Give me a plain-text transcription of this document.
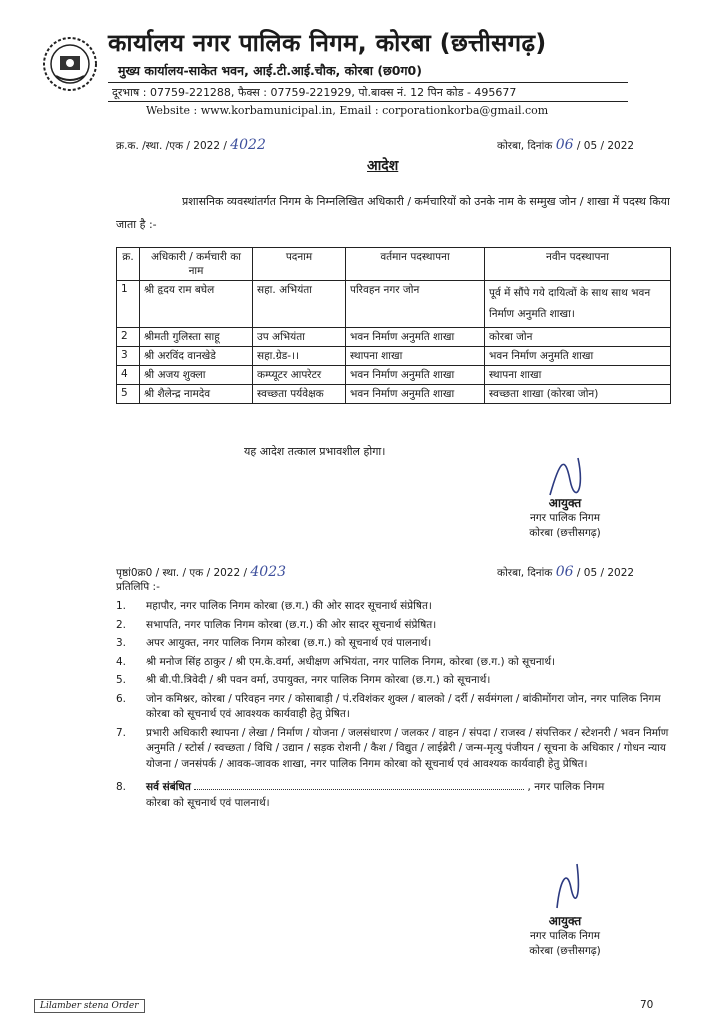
कार्यालय नगर पालिक निगम, कोरबा (छत्तीसगढ़)
मुख्य कार्यालय-साकेत भवन, आई.टी.आई.चौक, कोरबा (छ0ग0)
दूरभाष : 07759-221288, फैक्स : 07759-221929, पो.बाक्स नं. 12 पिन कोड - 495677
Website : www.korbamunicipal.in, Email : corporationkorba@gmail.com
क्र.क. /स्था. /एक / 2022 / 4022	कोरबा, दिनांक 06 / 05 / 2022
आदेश
प्रशासनिक व्यवस्थांतर्गत निगम के निम्नलिखित अधिकारी / कर्मचारियों को उनके नाम के सम्मुख जोन / शाखा में पदस्थ किया जाता है :-
क्र.	अधिकारी / कर्मचारी का नाम	पदनाम	वर्तमान पदस्थापना	नवीन पदस्थापना
1	श्री हृदय राम बघेल	सहा. अभियंता	परिवहन नगर जोन	पूर्व में सौंपे गये दायित्वों के साथ साथ भवन निर्माण अनुमति शाखा।
2	श्रीमती गुलिस्ता साहू	उप अभियंता	भवन निर्माण अनुमति शाखा	कोरबा जोन
3	श्री अरविंद वानखेडे	सहा.ग्रेड-।।	स्थापना शाखा	भवन निर्माण अनुमति शाखा
4	श्री अजय शुक्ला	कम्प्यूटर आपरेटर	भवन निर्माण अनुमति शाखा	स्थापना शाखा
5	श्री शैलेन्द्र नामदेव	स्वच्छता पर्यवेक्षक	भवन निर्माण अनुमति शाखा	स्वच्छता शाखा (कोरबा जोन)
यह आदेश तत्काल प्रभावशील होगा।
आयुक्त
नगर पालिक निगम
कोरबा (छत्तीसगढ़)
पृष्ठां0क्र0 / स्था. / एक / 2022 / 4023	कोरबा, दिनांक 06 / 05 / 2022
प्रतिलिपि :-
1.	महापौर, नगर पालिक निगम कोरबा (छ.ग.) की ओर सादर सूचनार्थ संप्रेषित।
2.	सभापति, नगर पालिक निगम कोरबा (छ.ग.) की ओर सादर सूचनार्थ संप्रेषित।
3.	अपर आयुक्त, नगर पालिक निगम कोरबा (छ.ग.) को सूचनार्थ एवं पालनार्थ।
4.	श्री मनोज सिंह ठाकुर / श्री एम.के.वर्मा, अधीक्षण अभियंता, नगर पालिक निगम, कोरबा (छ.ग.) को सूचनार्थ।
5.	श्री बी.पी.त्रिवेदी / श्री पवन वर्मा, उपायुक्त, नगर पालिक निगम कोरबा (छ.ग.) को सूचनार्थ।
6.	जोन कमिश्नर, कोरबा / परिवहन नगर / कोसाबाड़ी / पं.रविशंकर शुक्ल / बालको / दर्री / सर्वमंगला / बांकीमोंगरा जोन, नगर पालिक निगम कोरबा को सूचनार्थ एवं आवश्यक कार्यवाही हेतु प्रेषित।
7.	प्रभारी अधिकारी स्थापना / लेखा / निर्माण / योजना / जलसंधारण / जलकर / वाहन / संपदा / राजस्व / संपत्तिकर / स्टेशनरी / भवन निर्माण अनुमति / स्टोर्स / स्वच्छता / विधि / उद्यान / सड़क रोशनी / कैश / विद्युत / लाईब्रेरी / जन्म-मृत्यु पंजीयन / सूचना के अधिकार / गोधन न्याय योजना / जनसंपर्क / आवक-जावक शाखा, नगर पालिक निगम कोरबा को सूचनार्थ एवं आवश्यक कार्यवाही हेतु प्रेषित।
8.	सर्व संबंधित	, नगर पालिक निगम
कोरबा को सूचनार्थ एवं पालनार्थ।
आयुक्त
नगर पालिक निगम
कोरबा (छत्तीसगढ़)
Lilamber stena Order	70
